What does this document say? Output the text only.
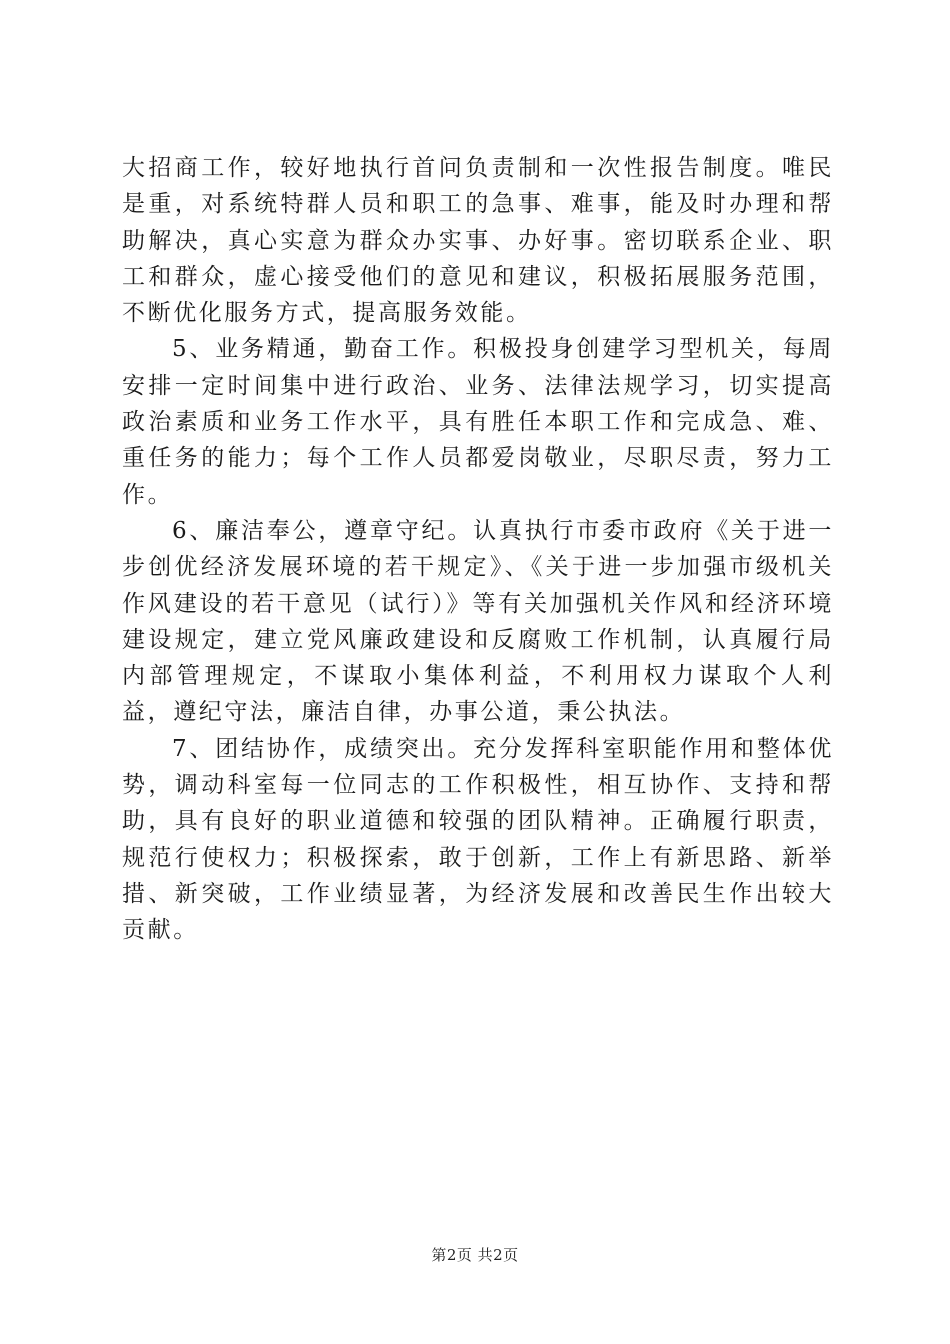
大招商工作，较好地执行首问负责制和一次性报告制度。唯民是重，对系统特群人员和职工的急事、难事，能及时办理和帮助解决，真心实意为群众办实事、办好事。密切联系企业、职工和群众，虚心接受他们的意见和建议，积极拓展服务范围，不断优化服务方式，提高服务效能。

5、业务精通，勤奋工作。积极投身创建学习型机关，每周安排一定时间集中进行政治、业务、法律法规学习，切实提高政治素质和业务工作水平，具有胜任本职工作和完成急、难、重任务的能力；每个工作人员都爱岗敬业，尽职尽责，努力工作。

6、廉洁奉公，遵章守纪。认真执行市委市政府《关于进一步创优经济发展环境的若干规定》、《关于进一步加强市级机关作风建设的若干意见（试行）》等有关加强机关作风和经济环境建设规定，建立党风廉政建设和反腐败工作机制，认真履行局内部管理规定，不谋取小集体利益，不利用权力谋取个人利益，遵纪守法，廉洁自律，办事公道，秉公执法。

7、团结协作，成绩突出。充分发挥科室职能作用和整体优势，调动科室每一位同志的工作积极性，相互协作、支持和帮助，具有良好的职业道德和较强的团队精神。正确履行职责，规范行使权力；积极探索，敢于创新，工作上有新思路、新举措、新突破，工作业绩显著，为经济发展和改善民生作出较大贡献。

第2页 共2页
